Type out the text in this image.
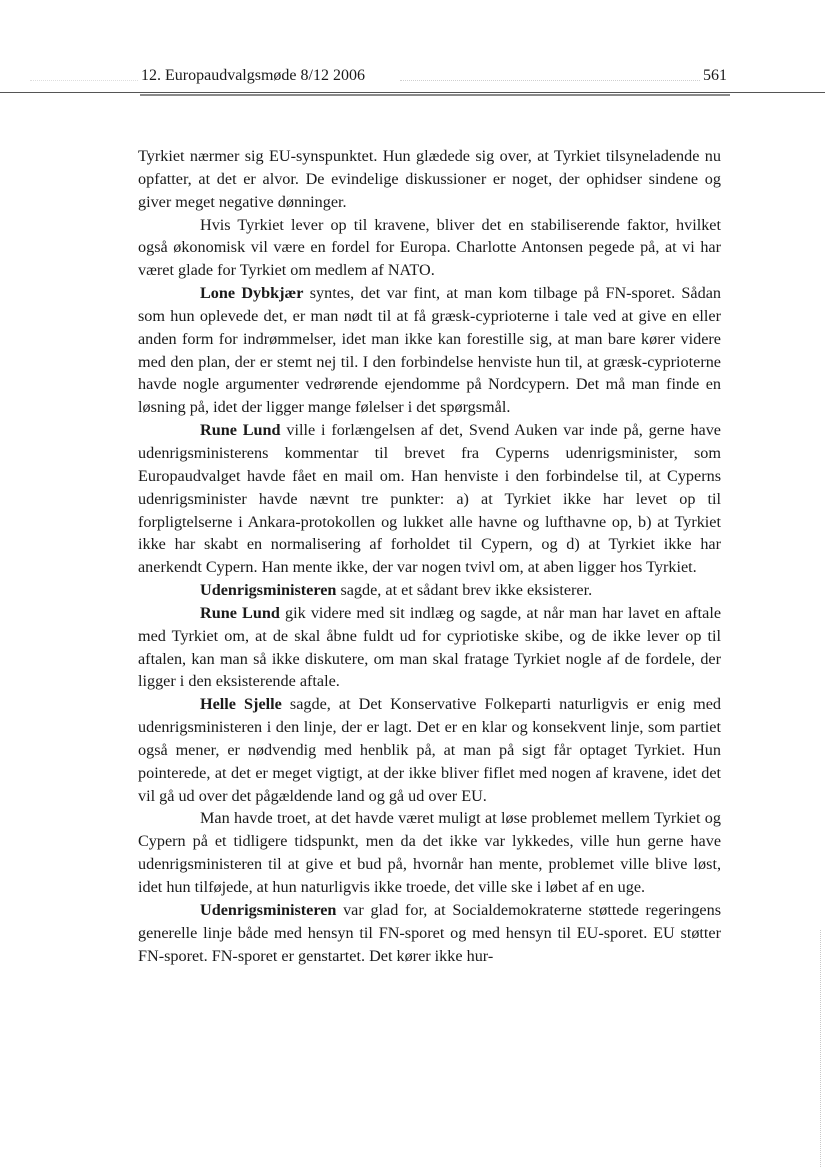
12. Europaudvalgsmøde 8/12 2006	561

Tyrkiet nærmer sig EU-synspunktet. Hun glædede sig over, at Tyrkiet tilsyneladende nu opfatter, at det er alvor. De evindelige diskussioner er noget, der ophidser sindene og giver meget negative dønninger.

Hvis Tyrkiet lever op til kravene, bliver det en stabiliserende faktor, hvilket også økonomisk vil være en fordel for Europa. Charlotte Antonsen pegede på, at vi har været glade for Tyrkiet om medlem af NATO.

Lone Dybkjær syntes, det var fint, at man kom tilbage på FN-sporet. Sådan som hun oplevede det, er man nødt til at få græsk-cyprioterne i tale ved at give en eller anden form for indrømmelser, idet man ikke kan forestille sig, at man bare kører videre med den plan, der er stemt nej til. I den forbindelse henviste hun til, at græsk-cyprioterne havde nogle argumenter vedrørende ejendomme på Nordcypern. Det må man finde en løsning på, idet der ligger mange følelser i det spørgsmål.

Rune Lund ville i forlængelsen af det, Svend Auken var inde på, gerne have udenrigsministerens kommentar til brevet fra Cyperns udenrigsminister, som Europaudvalget havde fået en mail om. Han henviste i den forbindelse til, at Cyperns udenrigsminister havde nævnt tre punkter: a) at Tyrkiet ikke har levet op til forpligtelserne i Ankara-protokollen og lukket alle havne og lufthavne op, b) at Tyrkiet ikke har skabt en normalisering af forholdet til Cypern, og d) at Tyrkiet ikke har anerkendt Cypern. Han mente ikke, der var nogen tvivl om, at aben ligger hos Tyrkiet.

Udenrigsministeren sagde, at et sådant brev ikke eksisterer.

Rune Lund gik videre med sit indlæg og sagde, at når man har lavet en aftale med Tyrkiet om, at de skal åbne fuldt ud for cypriotiske skibe, og de ikke lever op til aftalen, kan man så ikke diskutere, om man skal fratage Tyrkiet nogle af de fordele, der ligger i den eksisterende aftale.

Helle Sjelle sagde, at Det Konservative Folkeparti naturligvis er enig med udenrigsministeren i den linje, der er lagt. Det er en klar og konsekvent linje, som partiet også mener, er nødvendig med henblik på, at man på sigt får optaget Tyrkiet. Hun pointerede, at det er meget vigtigt, at der ikke bliver fiflet med nogen af kravene, idet det vil gå ud over det pågældende land og gå ud over EU.

Man havde troet, at det havde været muligt at løse problemet mellem Tyrkiet og Cypern på et tidligere tidspunkt, men da det ikke var lykkedes, ville hun gerne have udenrigsministeren til at give et bud på, hvornår han mente, problemet ville blive løst, idet hun tilføjede, at hun naturligvis ikke troede, det ville ske i løbet af en uge.

Udenrigsministeren var glad for, at Socialdemokraterne støttede regeringens generelle linje både med hensyn til FN-sporet og med hensyn til EU-sporet. EU støtter FN-sporet. FN-sporet er genstartet. Det kører ikke hur-
